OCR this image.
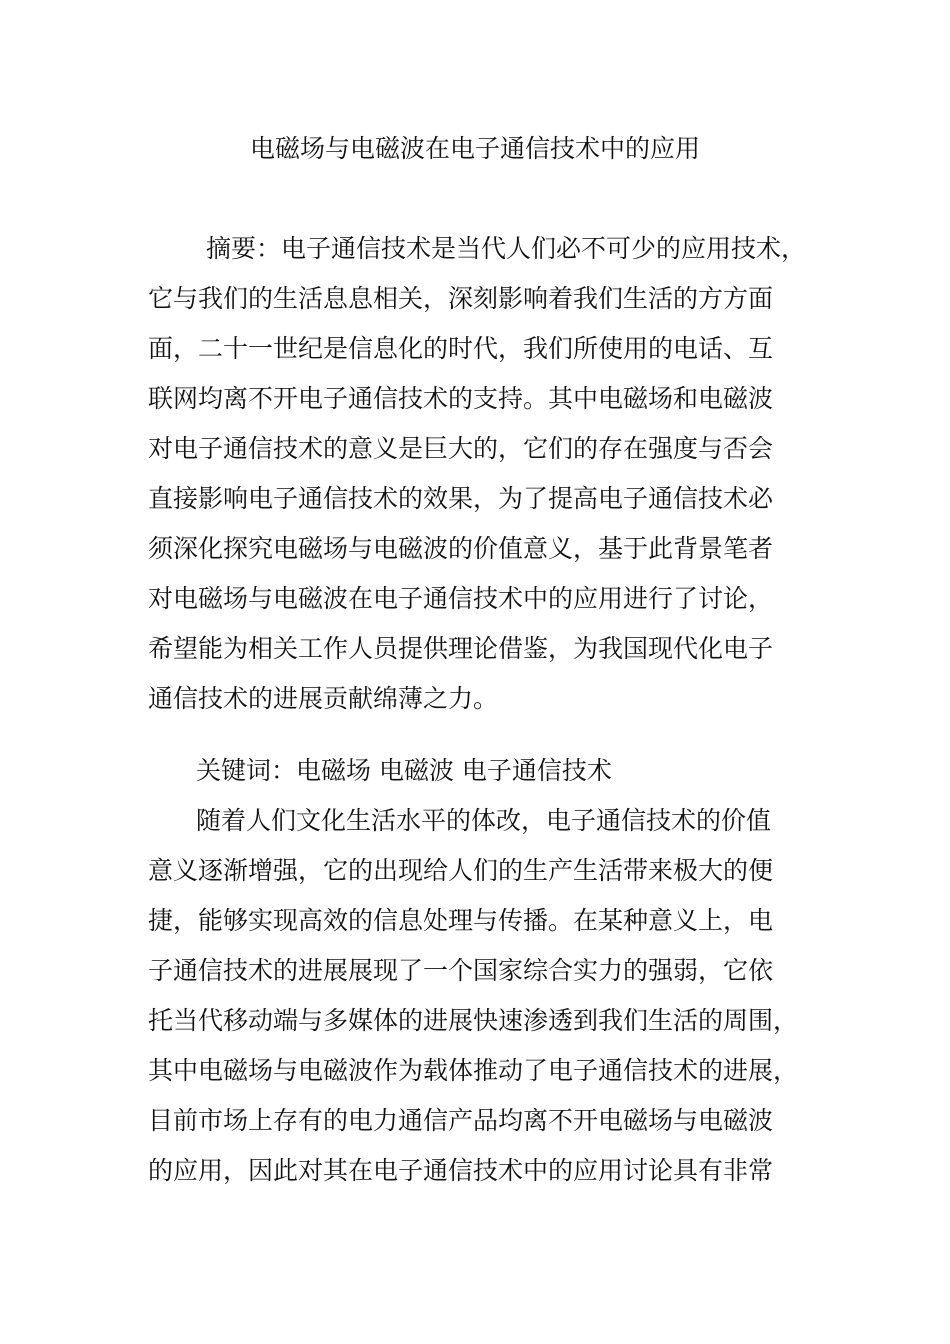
电磁场与电磁波在电子通信技术中的应用
摘要：电子通信技术是当代人们必不可少的应用技术，
它与我们的生活息息相关，深刻影响着我们生活的方方面
面，二十一世纪是信息化的时代，我们所使用的电话、互
联网均离不开电子通信技术的支持。其中电磁场和电磁波
对电子通信技术的意义是巨大的，它们的存在强度与否会
直接影响电子通信技术的效果，为了提高电子通信技术必
须深化探究电磁场与电磁波的价值意义，基于此背景笔者
对电磁场与电磁波在电子通信技术中的应用进行了讨论，
希望能为相关工作人员提供理论借鉴，为我国现代化电子
通信技术的进展贡献绵薄之力。
关键词：电磁场 电磁波 电子通信技术
随着人们文化生活水平的体改，电子通信技术的价值
意义逐渐增强，它的出现给人们的生产生活带来极大的便
捷，能够实现高效的信息处理与传播。在某种意义上，电
子通信技术的进展展现了一个国家综合实力的强弱，它依
托当代移动端与多媒体的进展快速渗透到我们生活的周围，
其中电磁场与电磁波作为载体推动了电子通信技术的进展，
目前市场上存有的电力通信产品均离不开电磁场与电磁波
的应用，因此对其在电子通信技术中的应用讨论具有非常
